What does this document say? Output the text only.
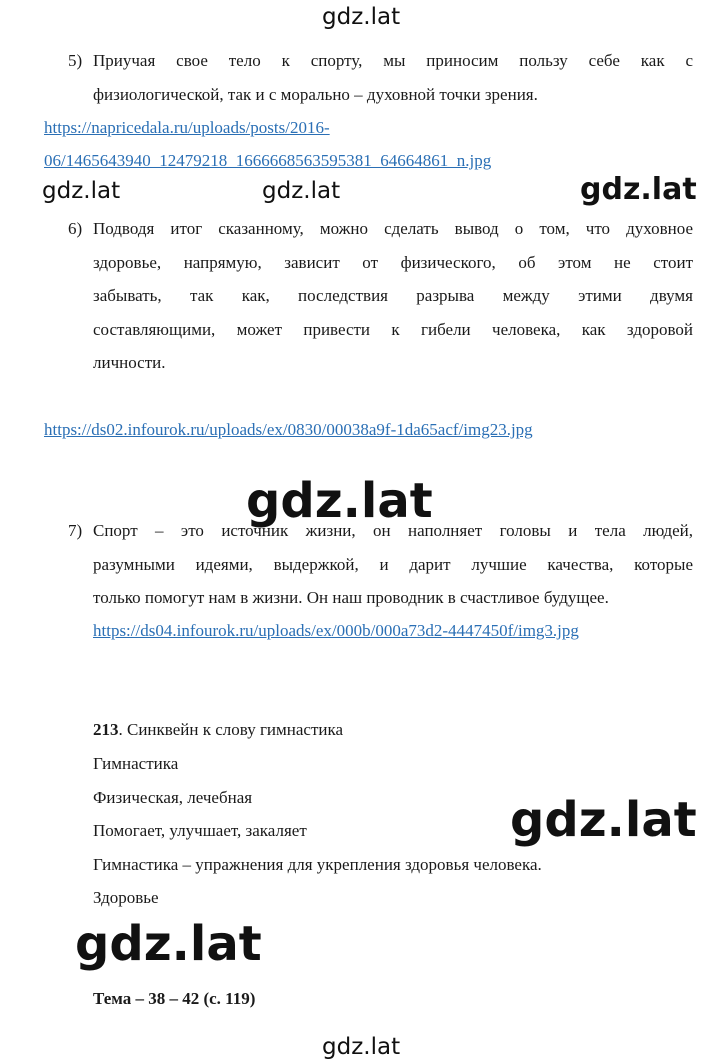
gdz.lat
gdz.lat	gdz.lat	gdz.lat
gdz.lat
gdz.lat
gdz.lat
gdz.lat
5) Приучая свое тело к спорту, мы приносим пользу себе как с
физиологической, так и с морально – духовной точки зрения.
https://napricedala.ru/uploads/posts/2016-
06/1465643940_12479218_1666668563595381_64664861_n.jpg
6) Подводя итог сказанному, можно сделать вывод о том, что духовное
здоровье, напрямую, зависит от физического, об этом не стоит
забывать, так как, последствия разрыва между этими двумя
составляющими, может привести к гибели человека, как здоровой
личности.
https://ds02.infourok.ru/uploads/ex/0830/00038a9f-1da65acf/img23.jpg
7) Спорт – это источник жизни, он наполняет головы и тела людей,
разумными идеями, выдержкой, и дарит лучшие качества, которые
только помогут нам в жизни. Он наш проводник в счастливое будущее.
https://ds04.infourok.ru/uploads/ex/000b/000a73d2-4447450f/img3.jpg
213. Синквейн к слову гимнастика
Гимнастика
Физическая, лечебная
Помогает, улучшает, закаляет
Гимнастика – упражнения для укрепления здоровья человека.
Здоровье
Тема – 38 – 42 (с. 119)
